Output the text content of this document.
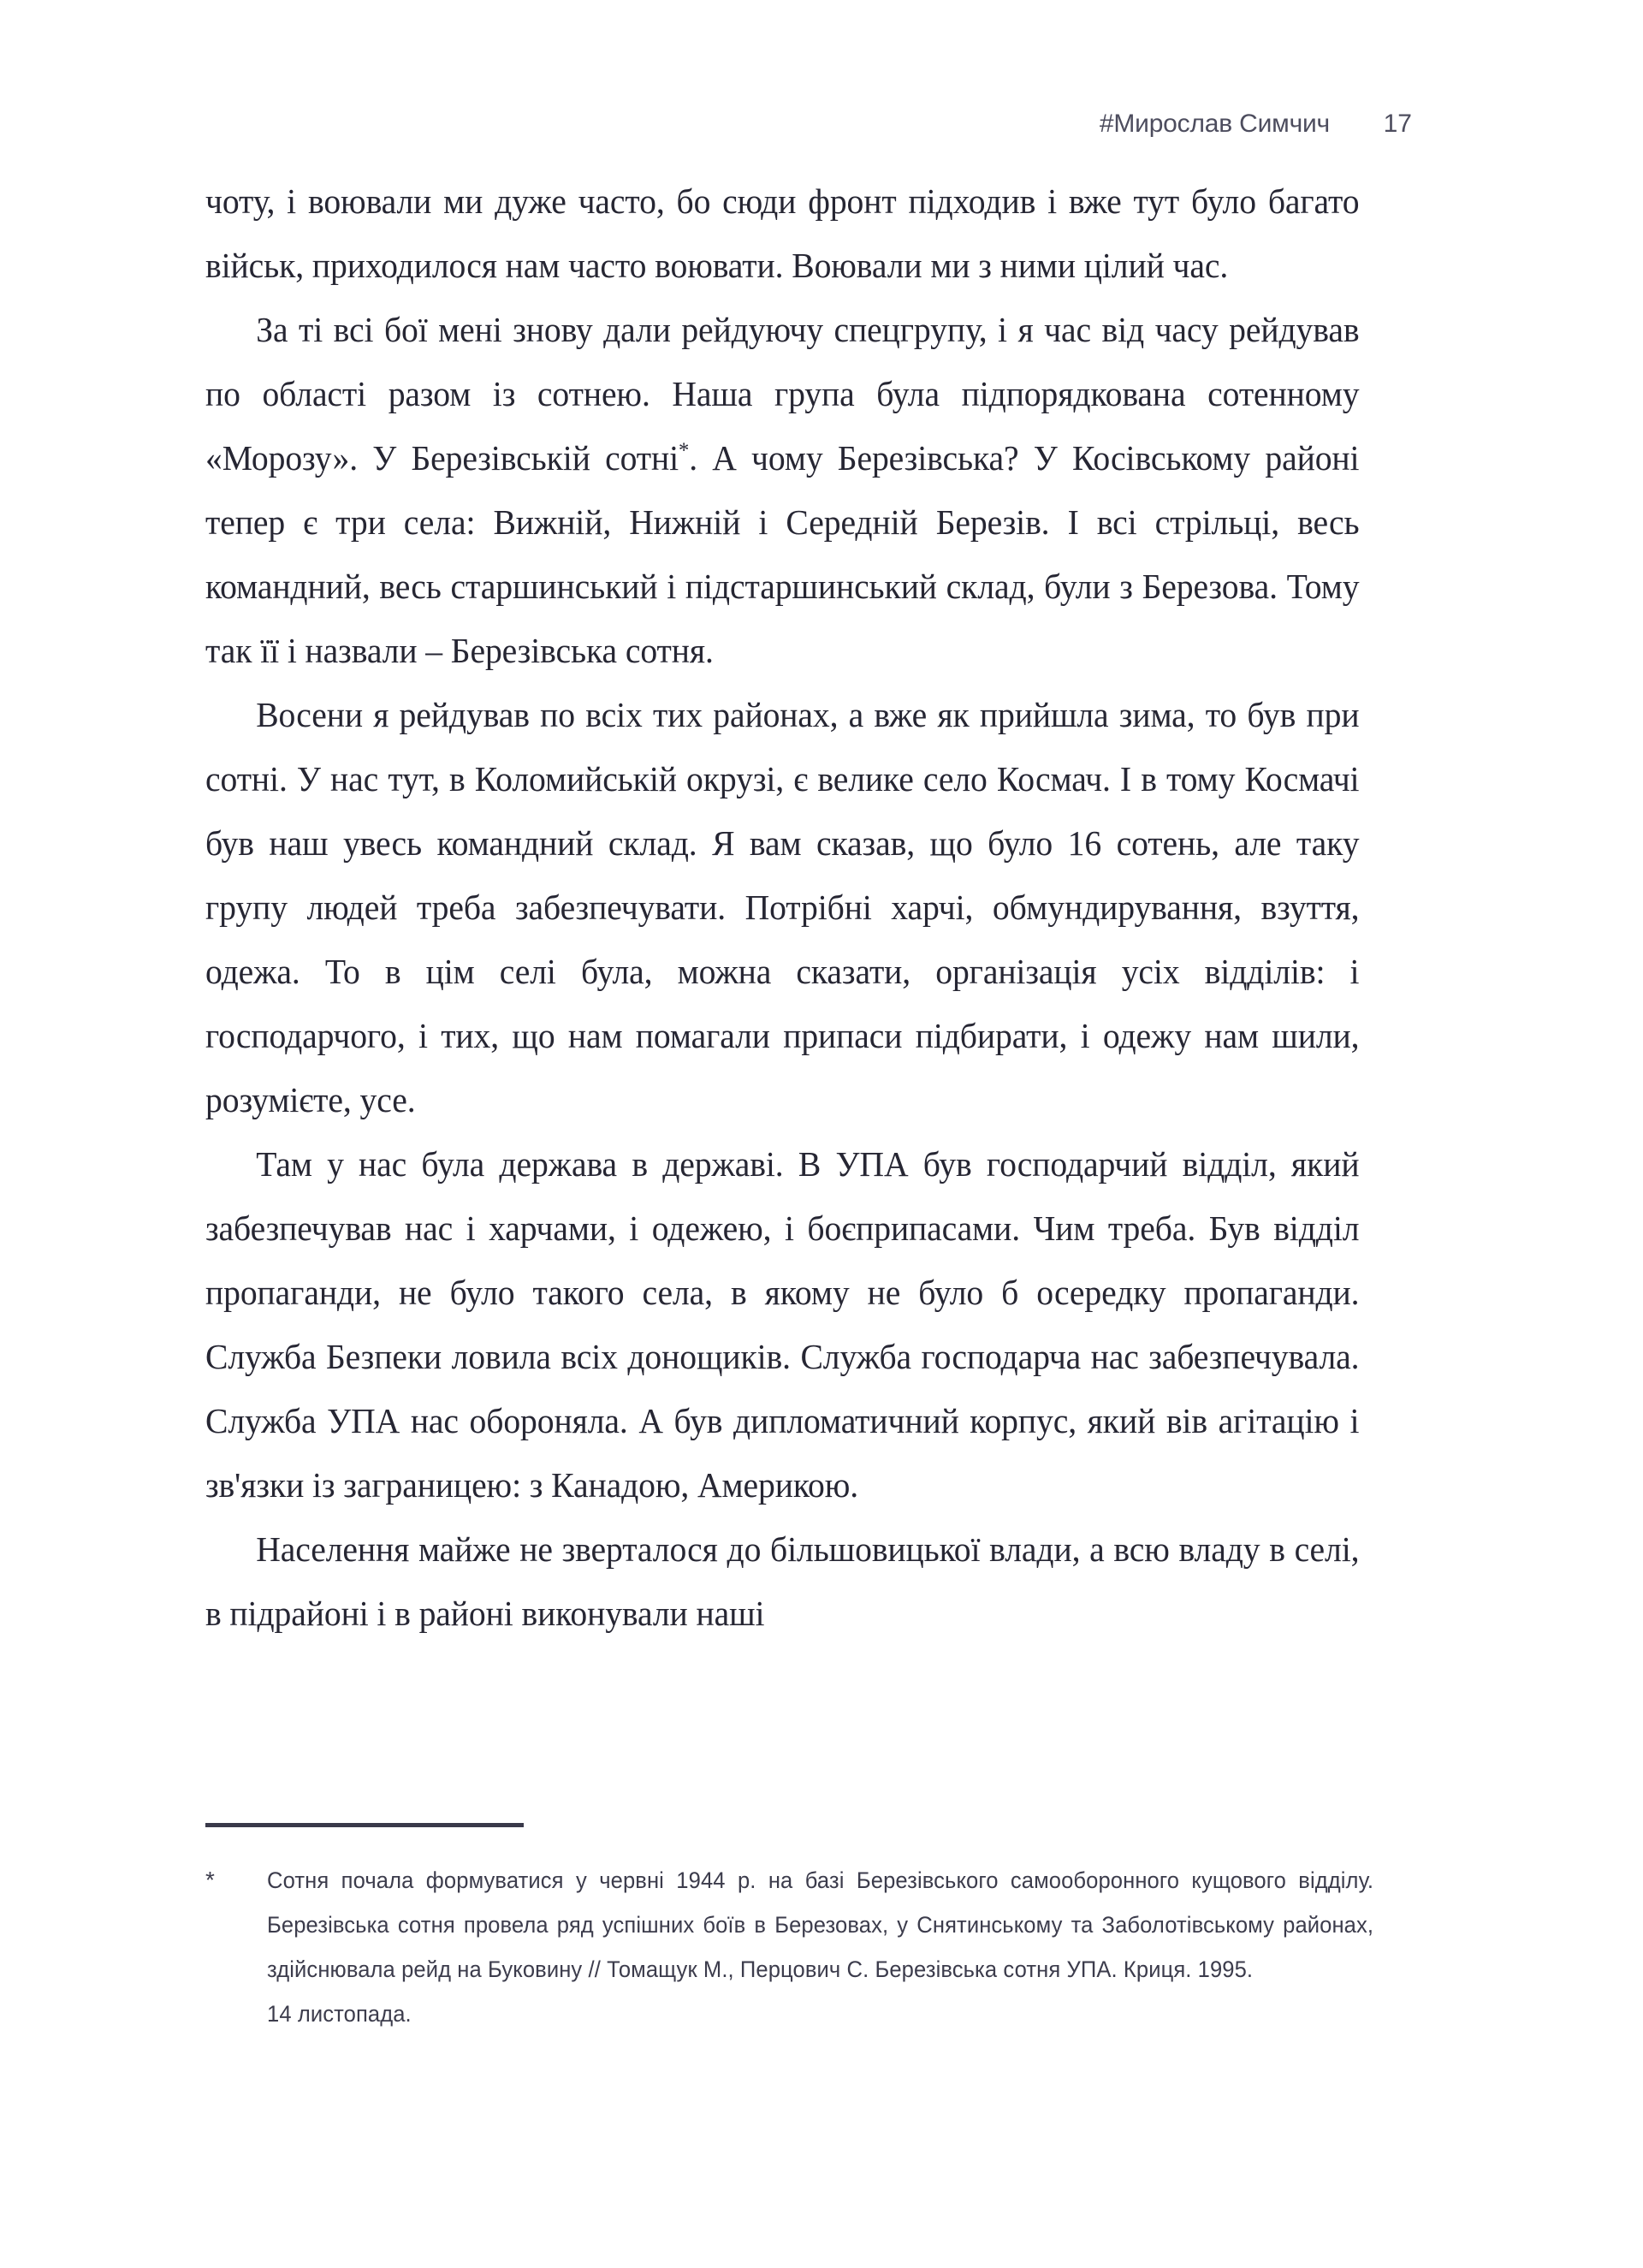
#Мирослав Симчич 17

чоту, і воювали ми дуже часто, бо сюди фронт підходив і вже тут було багато військ, приходилося нам часто воювати. Воювали ми з ними цілий час.

За ті всі бої мені знову дали рейдуючу спецгрупу, і я час від часу рейдував по області разом із сотнею. Наша група була підпорядкована сотенному «Морозу». У Березівській сотні*. А чому Березівська? У Косівському районі тепер є три села: Вижній, Нижній і Середній Березів. І всі стрільці, весь командний, весь старшинський і підстаршинський склад, були з Березова. Тому так її і назвали – Березівська сотня.

Восени я рейдував по всіх тих районах, а вже як прийшла зима, то був при сотні. У нас тут, в Коломийській окрузі, є велике село Космач. І в тому Космачі був наш увесь командний склад. Я вам сказав, що було 16 сотень, але таку групу людей треба забезпечувати. Потрібні харчі, обмундирування, взуття, одежа. То в цім селі була, можна сказати, організація усіх відділів: і господарчого, і тих, що нам помагали припаси підбирати, і одежу нам шили, розумієте, усе.

Там у нас була держава в державі. В УПА був господарчий відділ, який забезпечував нас і харчами, і одежею, і боєприпасами. Чим треба. Був відділ пропаганди, не було такого села, в якому не було б осередку пропаганди. Служба Безпеки ловила всіх донощиків. Служба господарча нас забезпечувала. Служба УПА нас обороняла. А був дипломатичний корпус, який вів агітацію і зв'язки із заграницею: з Канадою, Америкою.

Населення майже не зверталося до більшовицької влади, а всю владу в селі, в підрайоні і в районі виконували наші

*	Сотня почала формуватися у червні 1944 р. на базі Березівського самооборонного кущового відділу. Березівська сотня провела ряд успішних боїв в Березовах, у Снятинському та Заболотівському районах, здійснювала рейд на Буковину // Томащук М., Перцович С. Березівська сотня УПА. Криця. 1995.
14 листопада.
